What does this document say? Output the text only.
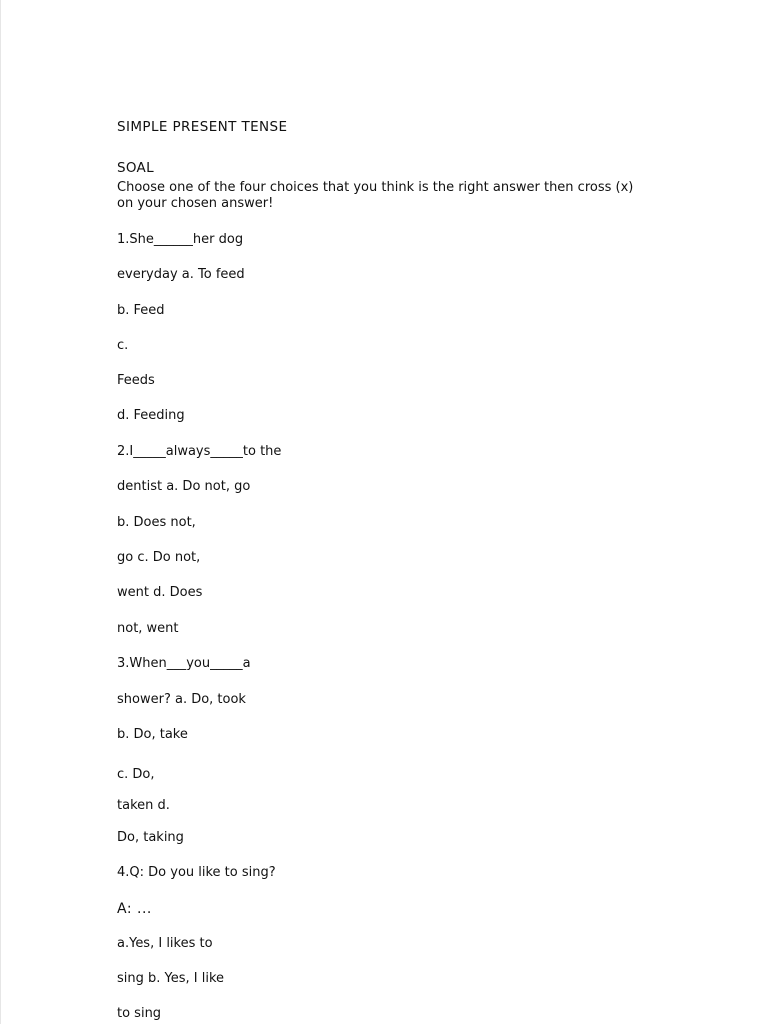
SIMPLE PRESENT TENSE
SOAL
Choose one of the four choices that you think is the right answer then cross (x)
on your chosen answer!
1.She______her dog
everyday a. To feed
b. Feed
c.
Feeds
d. Feeding
2.I_____always_____to the
dentist a. Do not, go
b. Does not,
go c. Do not,
went d. Does
not, went
3.When___you_____a
shower? a. Do, took
b. Do, take
c. Do,
taken d.
Do, taking
4.Q: Do you like to sing?
A: ...
a.Yes, I likes to
sing b. Yes, I like
to sing
